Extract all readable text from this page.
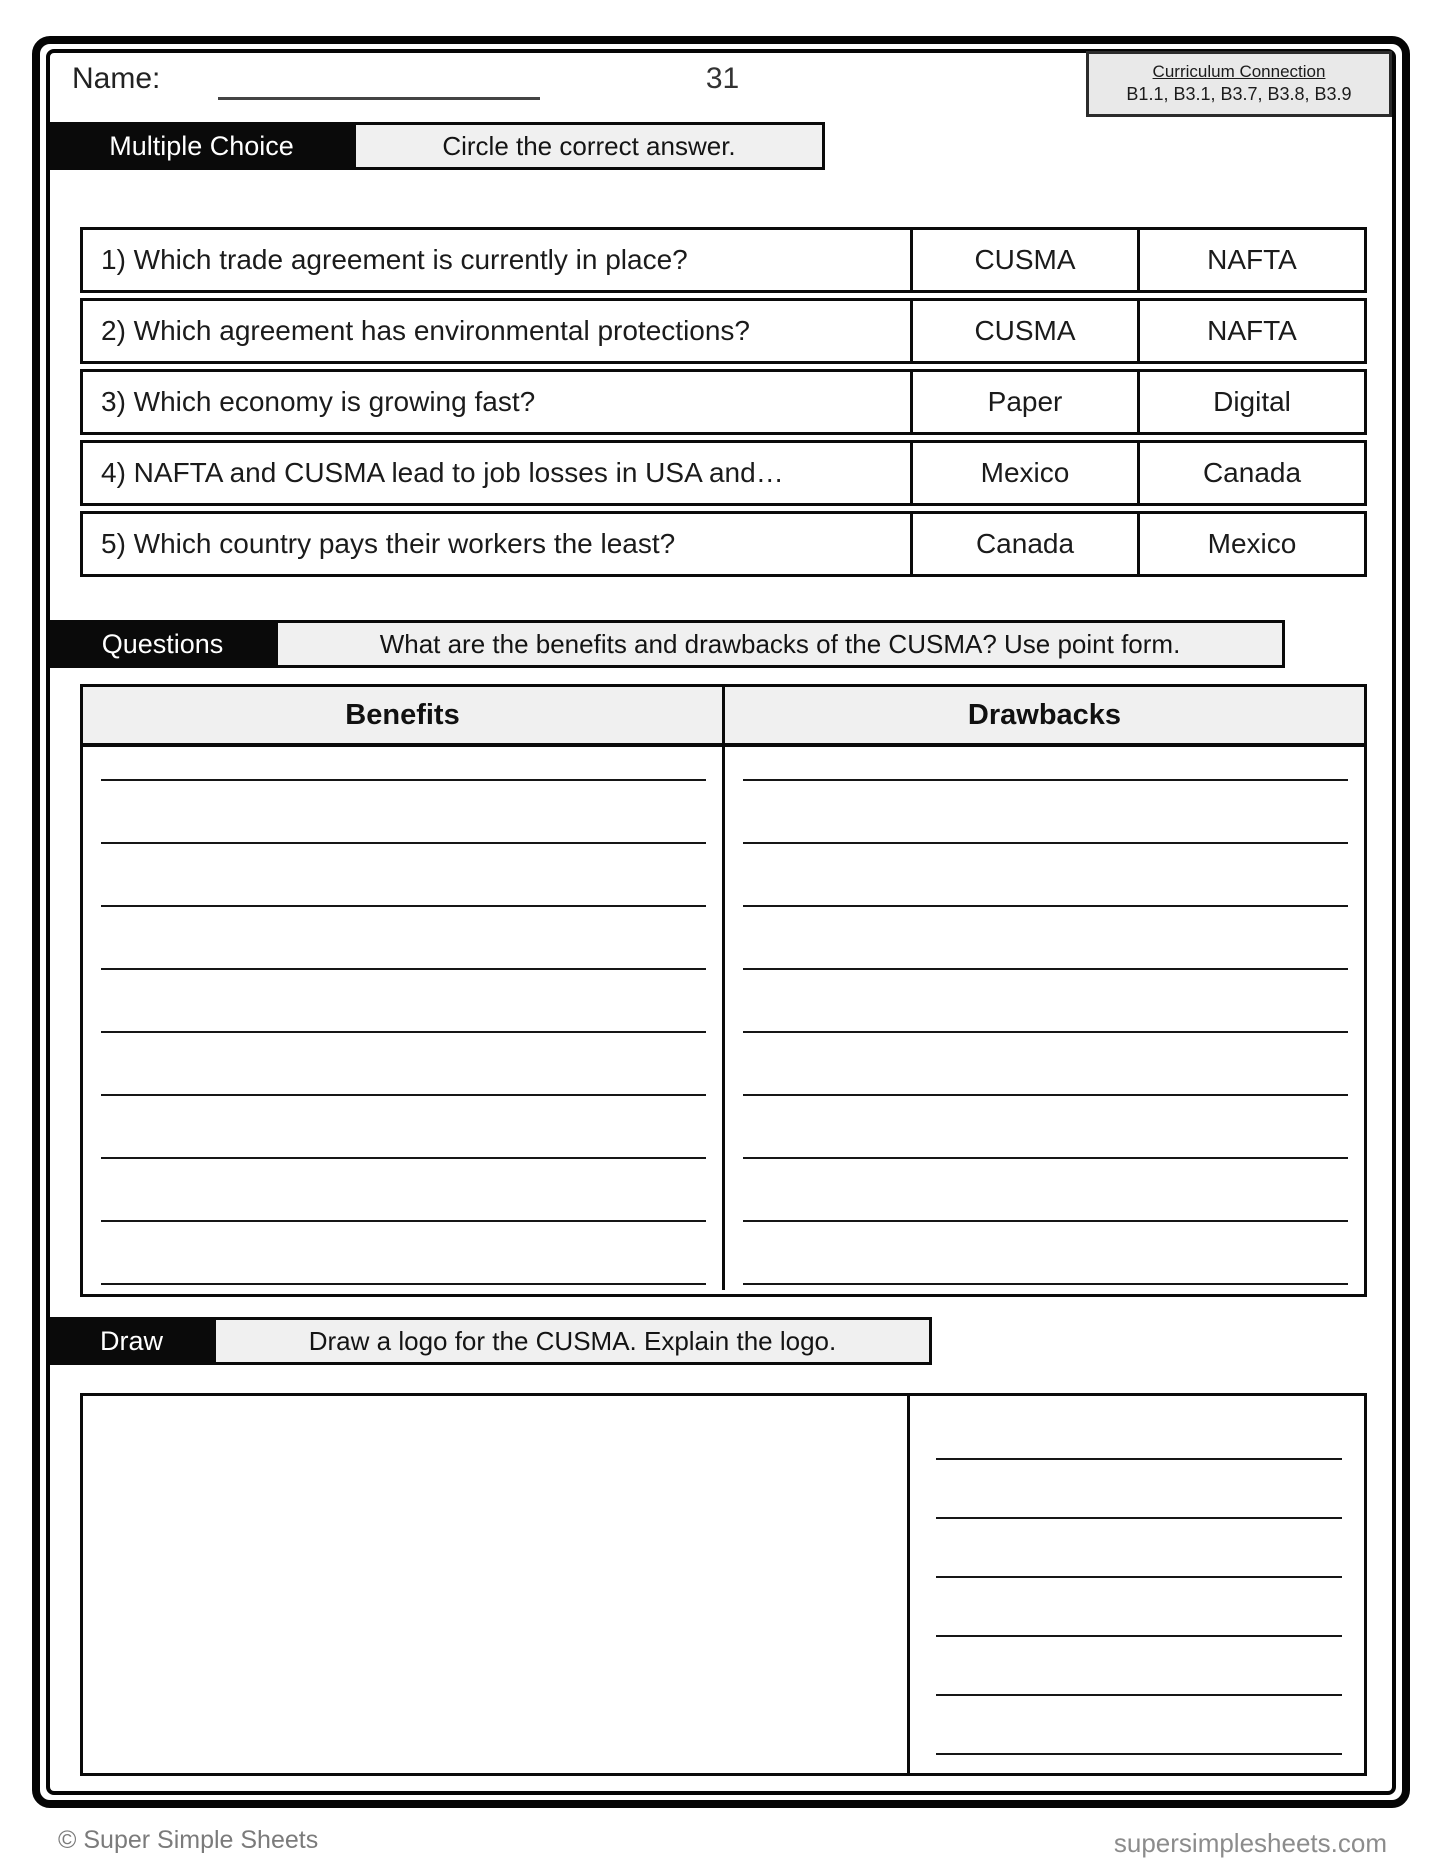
Name:	31	Curriculum Connection
B1.1, B3.1, B3.7, B3.8, B3.9
Multiple Choice	Circle the correct answer.
1) Which trade agreement is currently in place?	CUSMA	NAFTA
2) Which agreement has environmental protections?	CUSMA	NAFTA
3) Which economy is growing fast?	Paper	Digital
4) NAFTA and CUSMA lead to job losses in USA and…	Mexico	Canada
5) Which country pays their workers the least?	Canada	Mexico
Questions	What are the benefits and drawbacks of the CUSMA? Use point form.
Benefits	Drawbacks
Draw	Draw a logo for the CUSMA. Explain the logo.
© Super Simple Sheets	supersimplesheets.com
